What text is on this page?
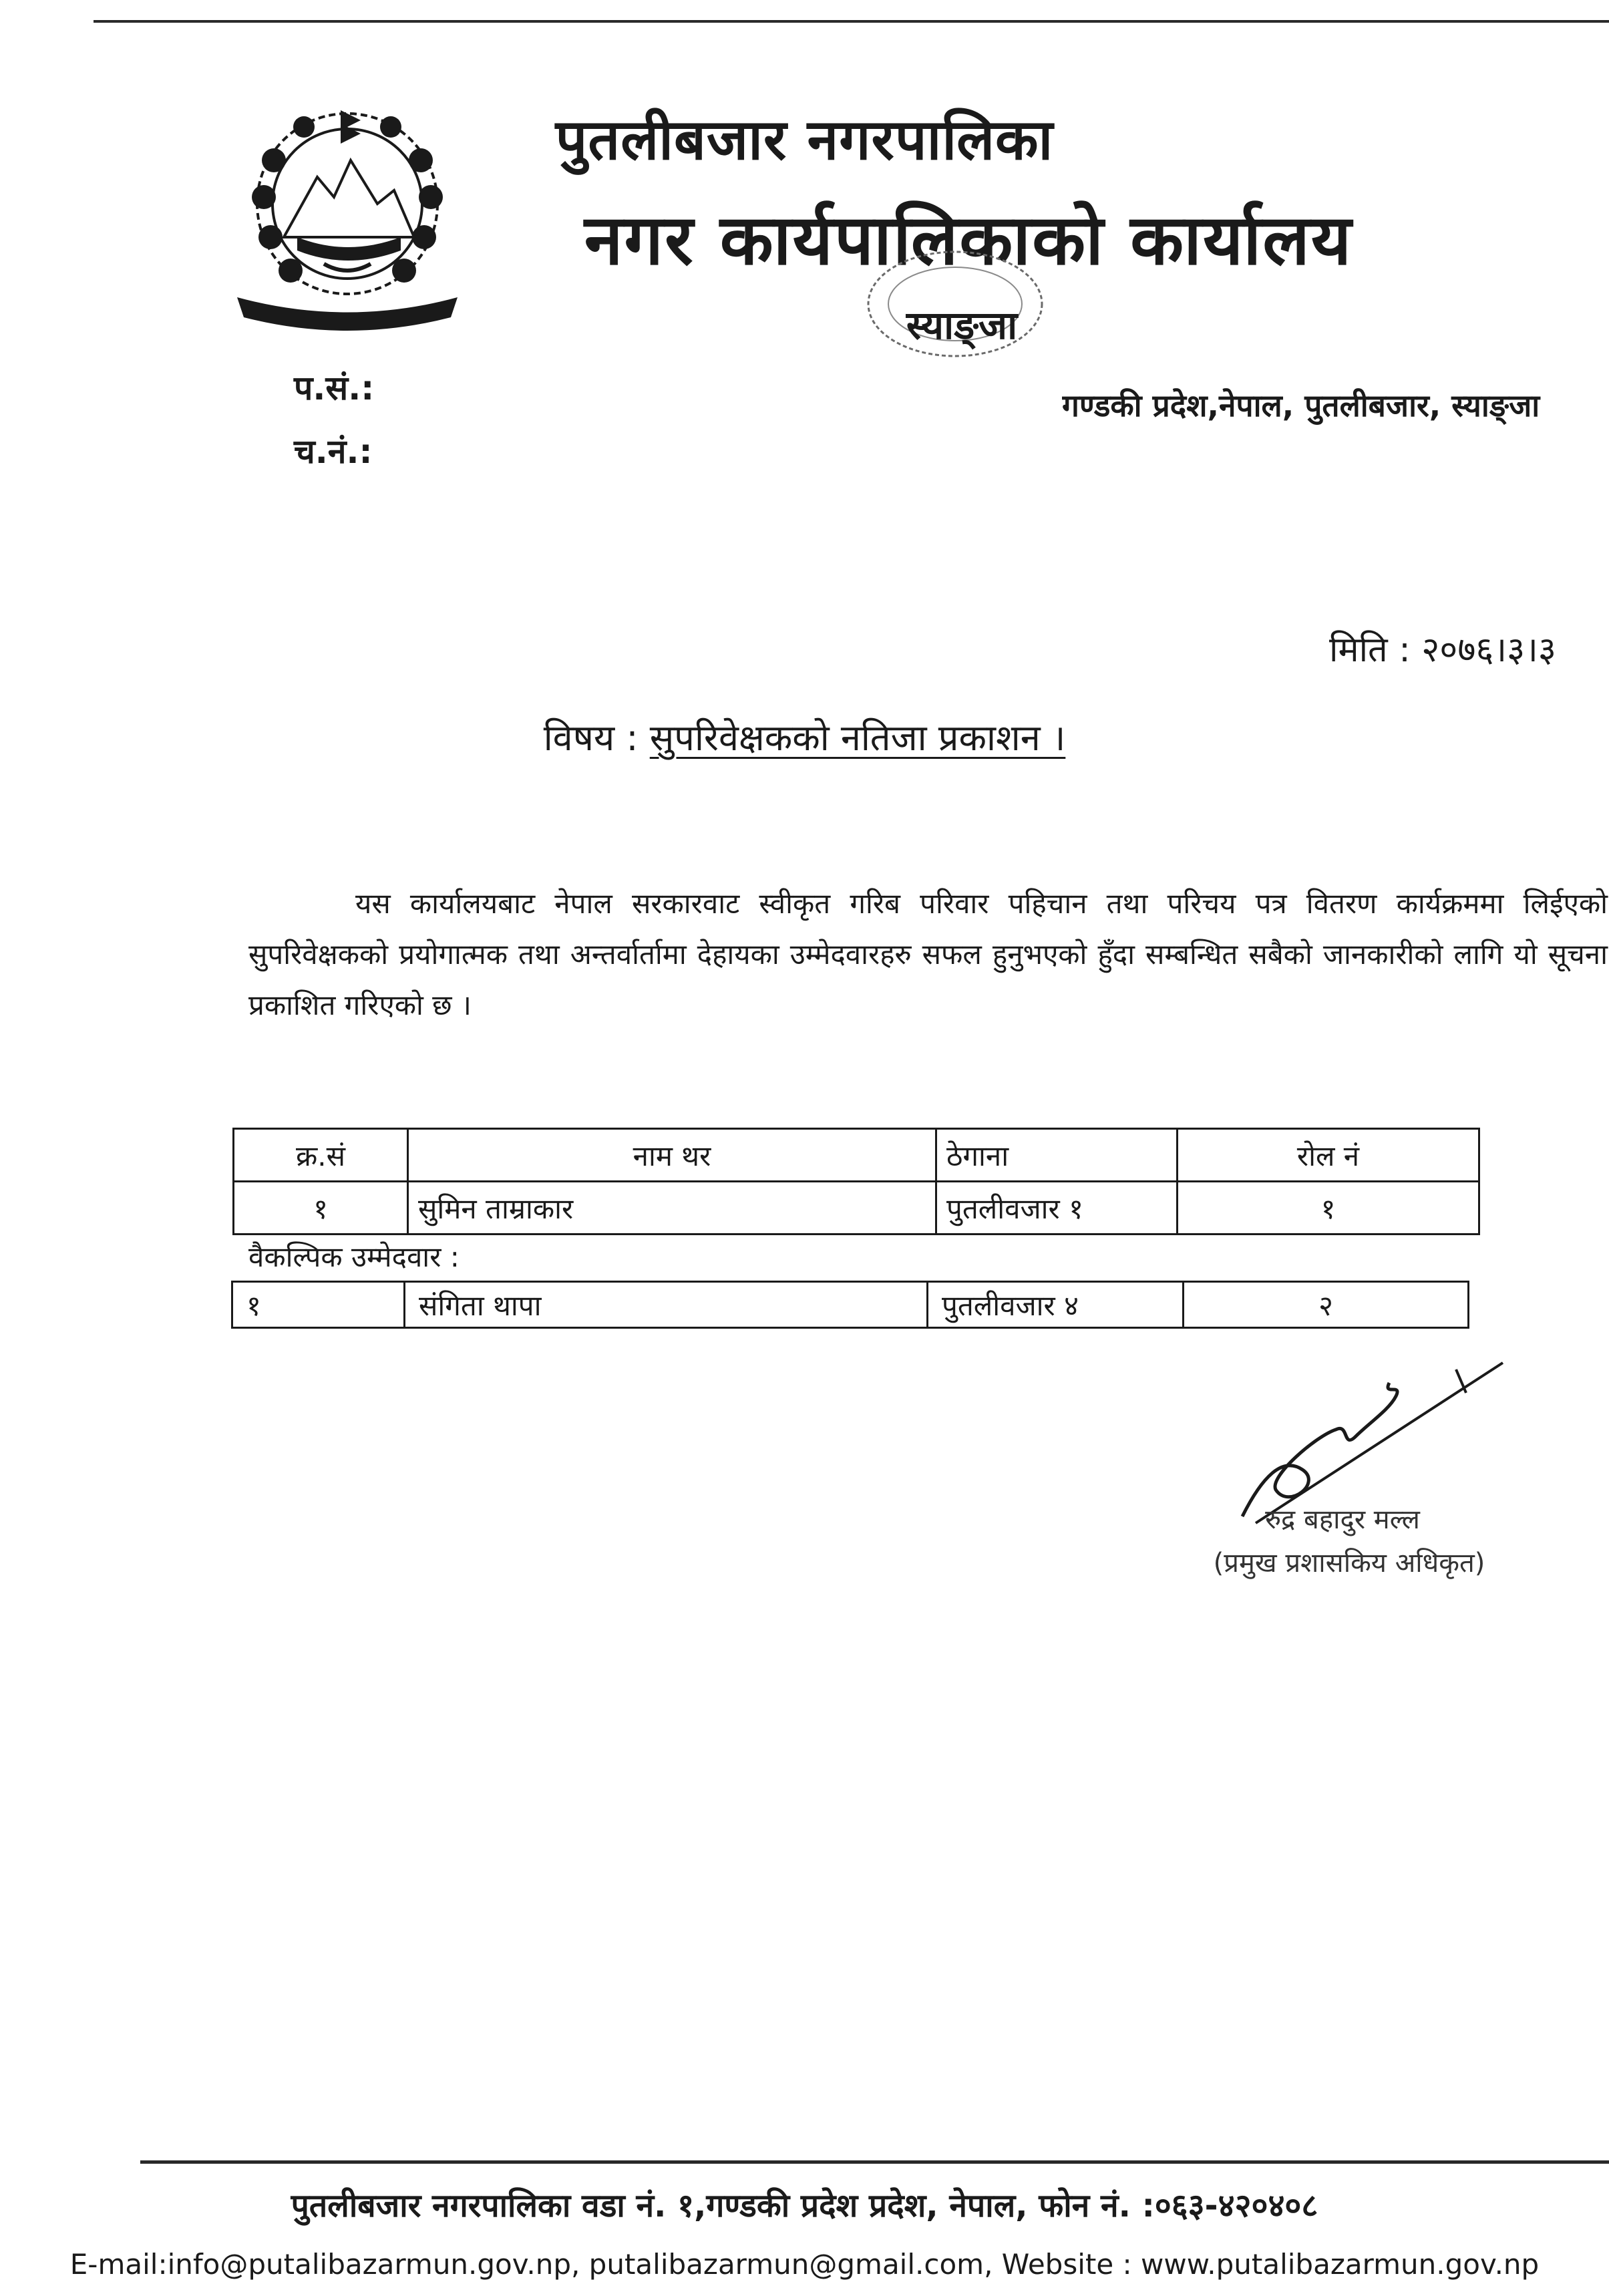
पुतलीबजार नगरपालिका
नगर कार्यपालिकाको कार्यालय
स्याङ्जा
प.सं.:
च.नं.:
गण्डकी प्रदेश,नेपाल, पुतलीबजार, स्याङ्जा
मिति : २०७६।३।३
विषय : सुपरिवेक्षकको नतिजा प्रकाशन ।
यस कार्यालयबाट नेपाल सरकारवाट स्वीकृत गरिब परिवार पहिचान तथा परिचय पत्र वितरण कार्यक्रममा लिईएको सुपरिवेक्षकको प्रयोगात्मक तथा अन्तर्वार्तामा देहायका उम्मेदवारहरु सफल हुनुभएको हुँदा सम्बन्धित सबैको जानकारीको लागि यो सूचना प्रकाशित गरिएको छ ।
क्र.सं	नाम थर	ठेगाना	रोल नं
१	सुमिन ताम्राकार	पुतलीवजार १	१
वैकल्पिक उम्मेदवार :
१	संगिता थापा	पुतलीवजार ४	२
रुद्र बहादुर मल्ल
(प्रमुख प्रशासकिय अधिकृत)
पुतलीबजार नगरपालिका वडा नं. १,गण्डकी प्रदेश प्रदेश, नेपाल, फोन नं. :०६३-४२०४०८
E-mail:info@putalibazarmun.gov.np, putalibazarmun@gmail.com, Website : www.putalibazarmun.gov.np
